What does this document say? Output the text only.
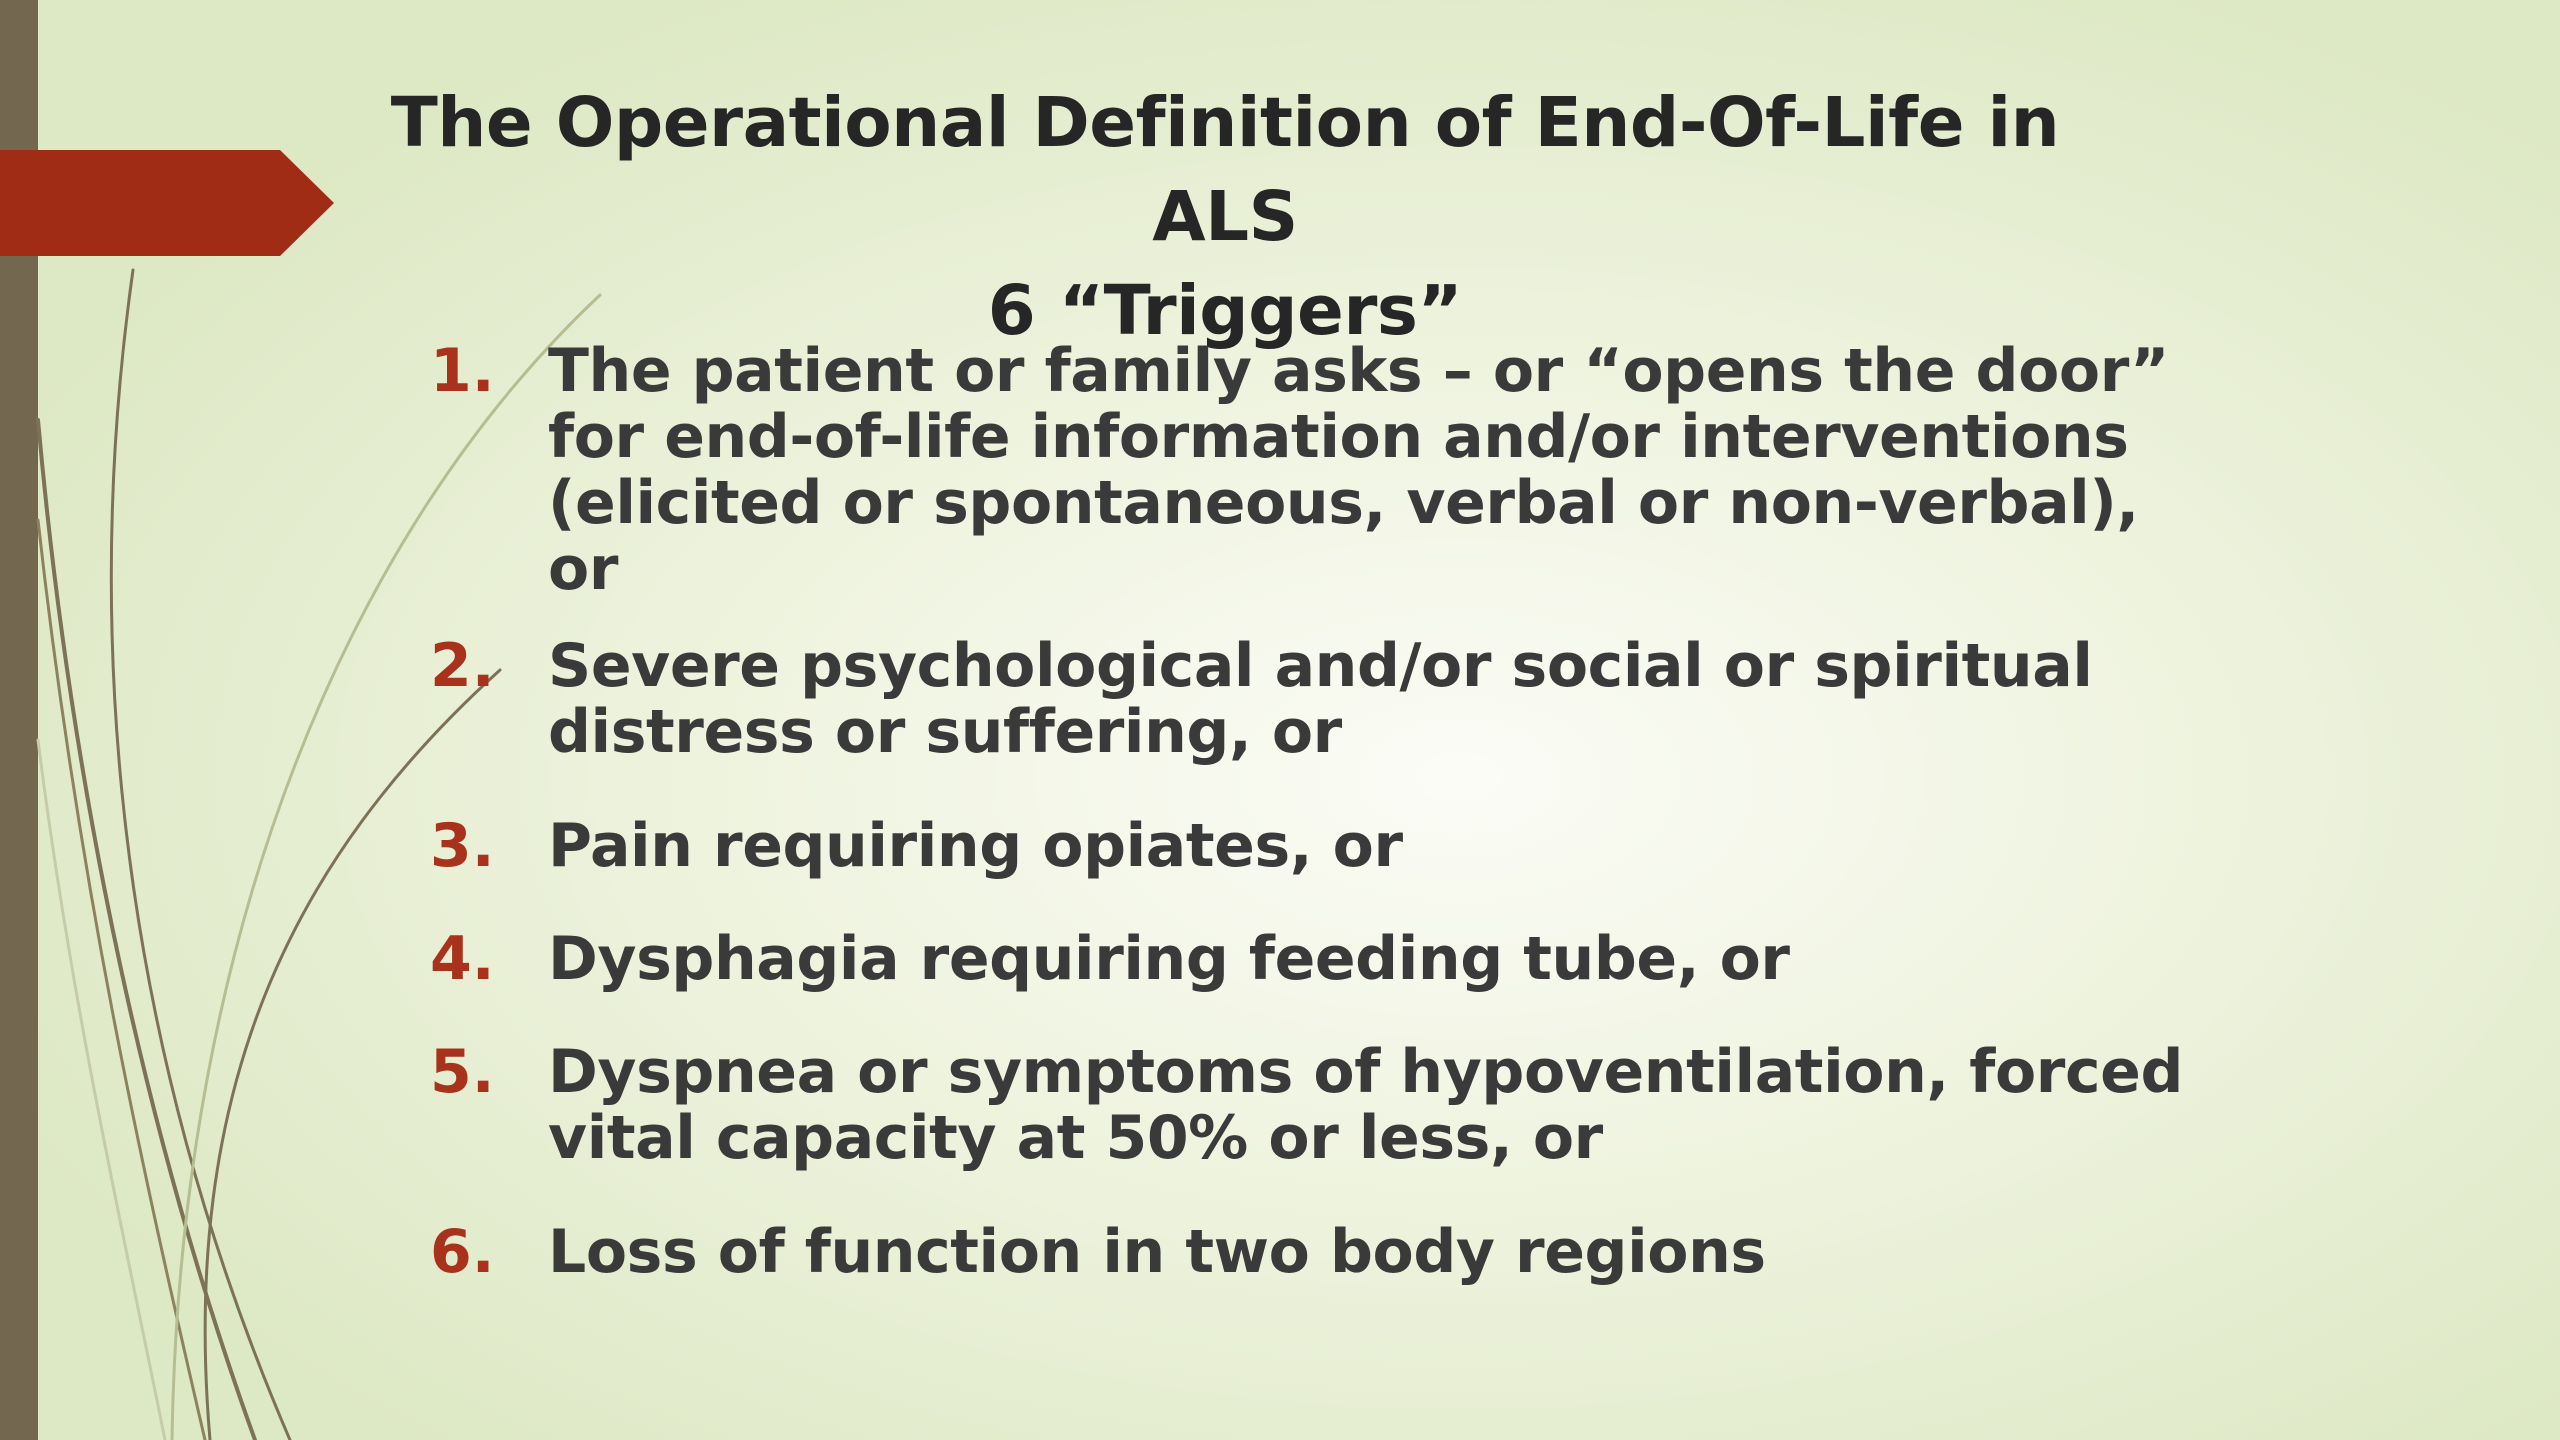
The Operational Definition of End-Of-Life in ALS
6 “Triggers”
1. The patient or family asks – or “opens the door” for end-of-life information and/or interventions (elicited or spontaneous, verbal or non-verbal), or
2. Severe psychological and/or social or spiritual distress or suffering, or
3. Pain requiring opiates, or
4. Dysphagia requiring feeding tube, or
5. Dyspnea or symptoms of hypoventilation, forced vital capacity at 50% or less, or
6. Loss of function in two body regions
